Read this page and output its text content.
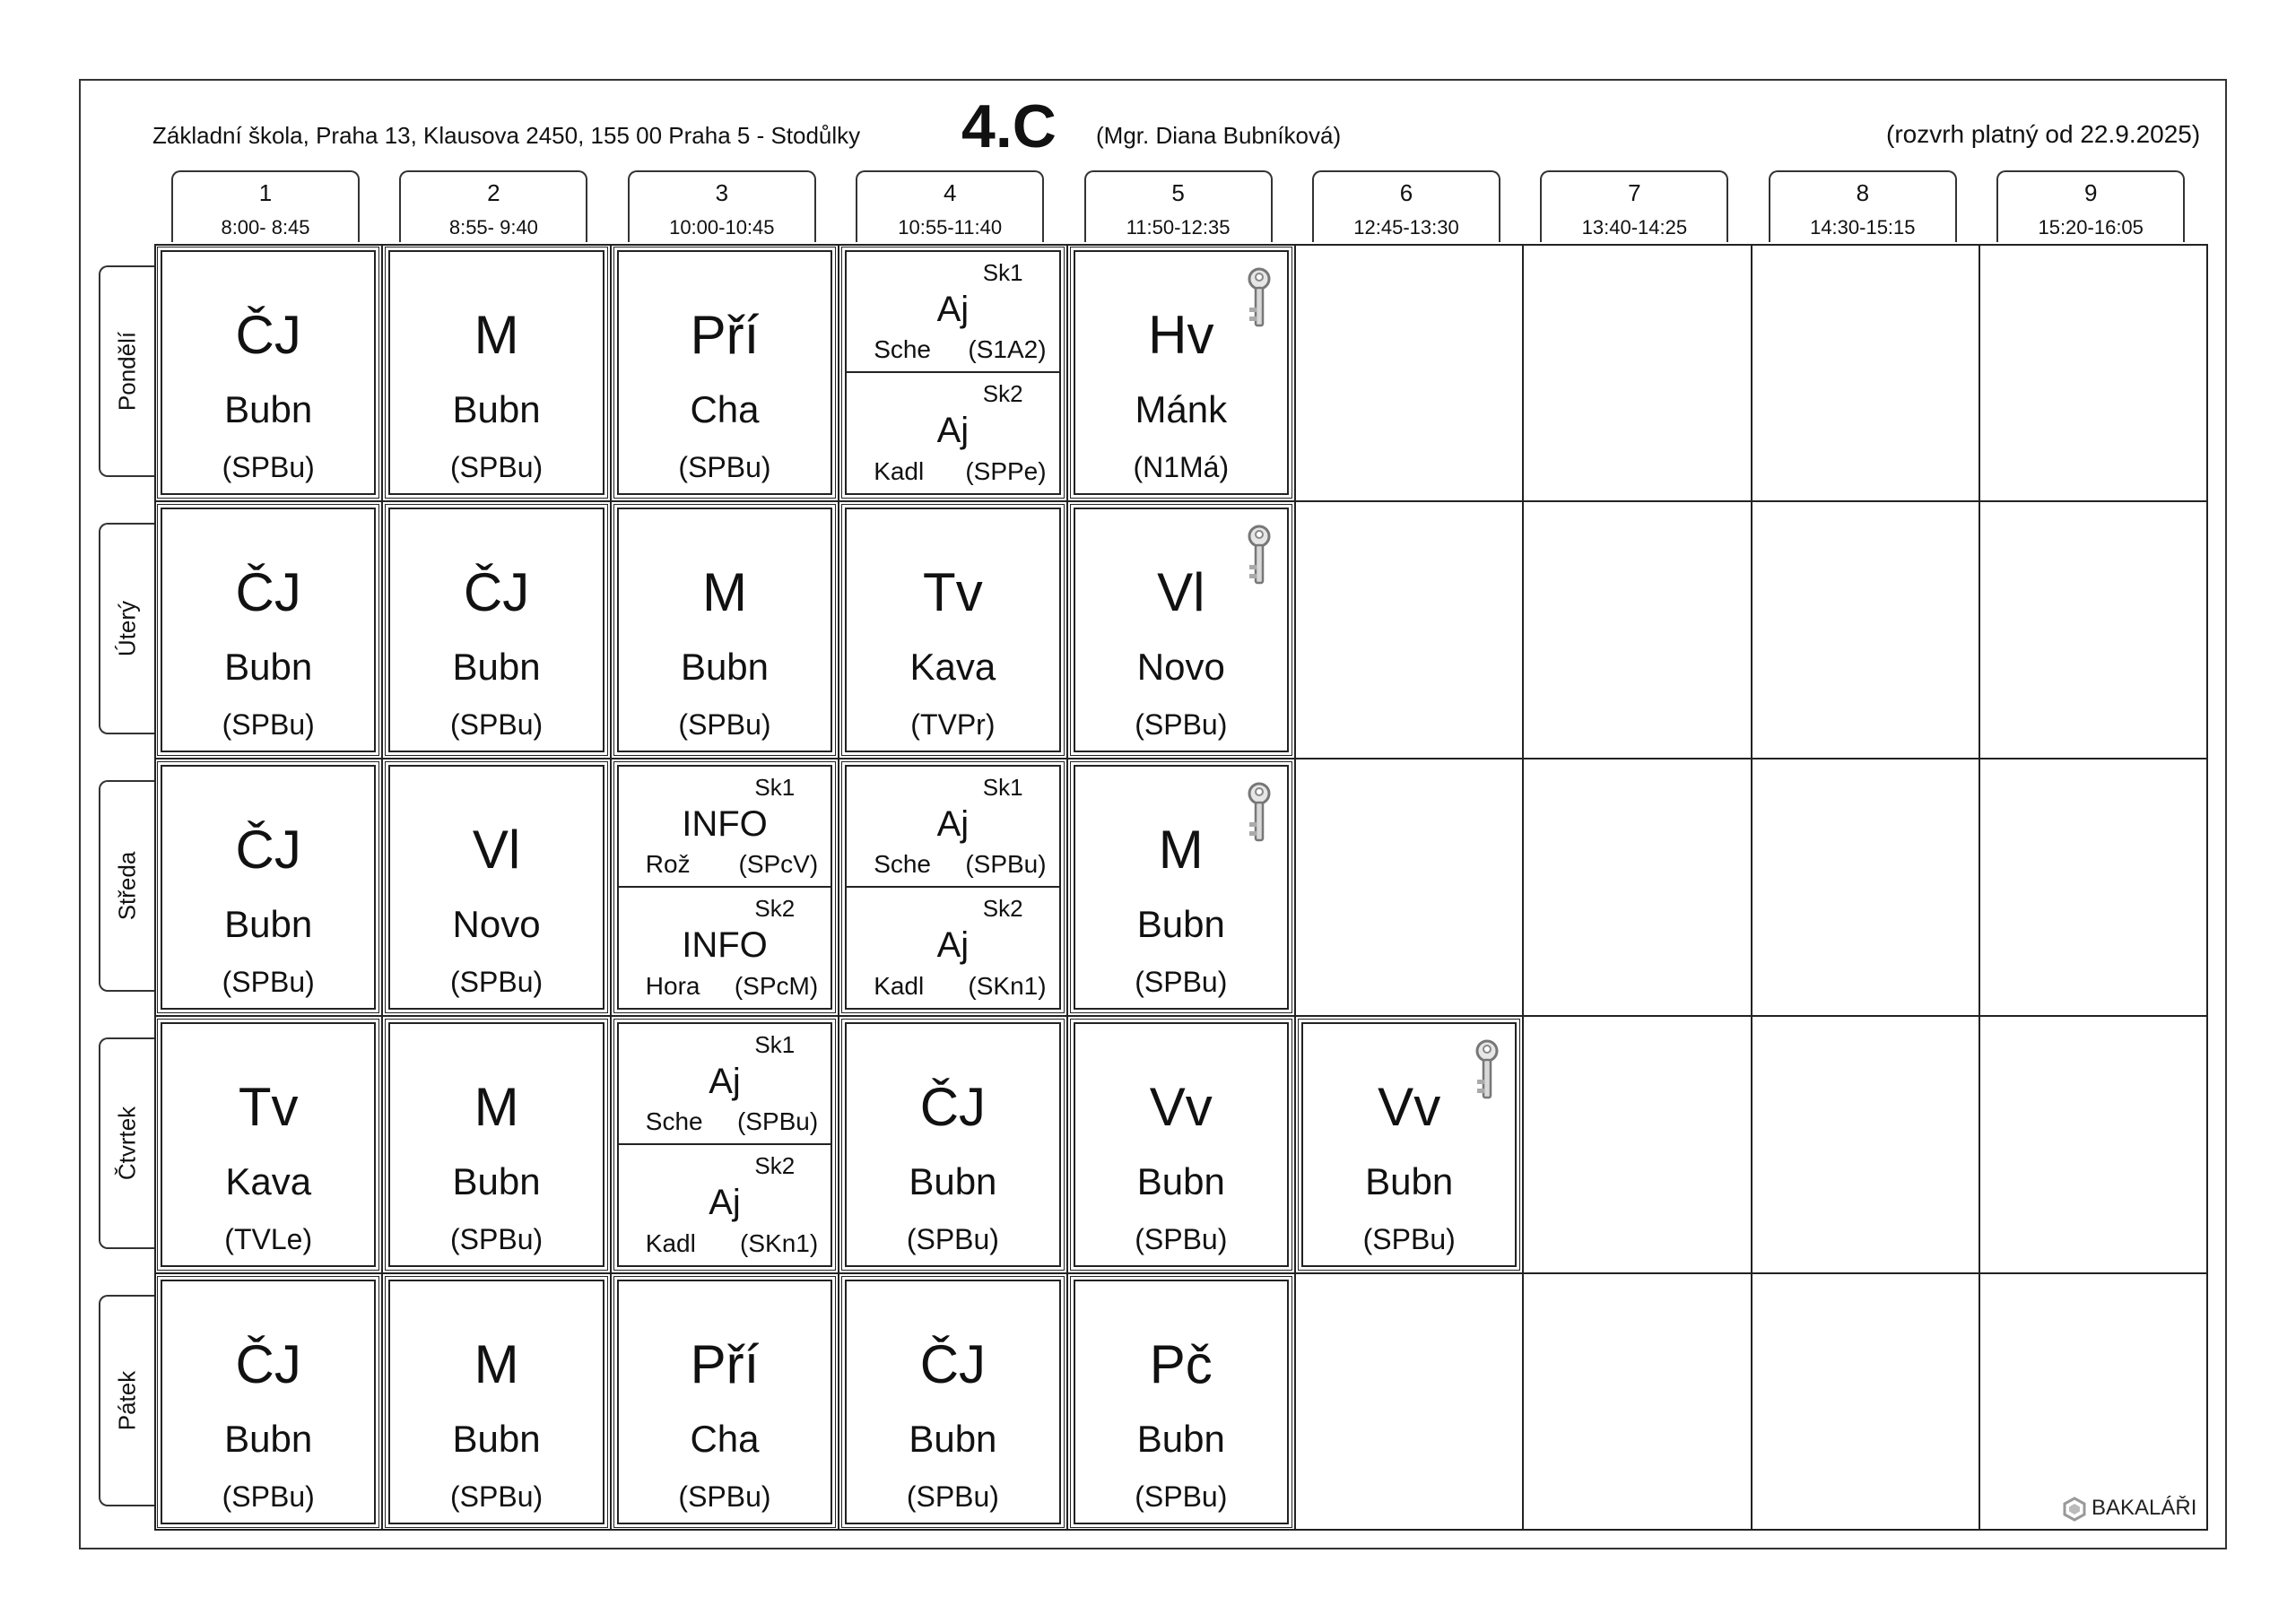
Základní škola, Praha 13, Klausova 2450, 155 00 Praha 5 - Stodůlky 4.C (Mgr. Diana Bubníková)	(rozvrh platný od 22.9.2025)
1
8:00- 8:45
2
8:55- 9:40
3
10:00-10:45
4
10:55-11:40
5
11:50-12:35
6
12:45-13:30
7
13:40-14:25
8
14:30-15:15
9
15:20-16:05
Pondělí
Úterý
Středa
Čtvrtek
Pátek
ČJ
Bubn
(SPBu)
M
Bubn
(SPBu)
Pří
Cha
(SPBu)
Sk1
Aj
Sche (S1A2)
Sk2
Aj
Kadl (SPPe)
Hv
Mánk
(N1Má)
ČJ
Bubn
(SPBu)
ČJ
Bubn
(SPBu)
M
Bubn
(SPBu)
Tv
Kava
(TVPr)
Vl
Novo
(SPBu)
ČJ
Bubn
(SPBu)
Vl
Novo
(SPBu)
Sk1
INFO
Rož (SPcV)
Sk2
INFO
Hora (SPcM)
Sk1
Aj
Sche (SPBu)
Sk2
Aj
Kadl (SKn1)
M
Bubn
(SPBu)
Tv
Kava
(TVLe)
M
Bubn
(SPBu)
Sk1
Aj
Sche (SPBu)
Sk2
Aj
Kadl (SKn1)
ČJ
Bubn
(SPBu)
Vv
Bubn
(SPBu)
Vv
Bubn
(SPBu)
ČJ
Bubn
(SPBu)
M
Bubn
(SPBu)
Pří
Cha
(SPBu)
ČJ
Bubn
(SPBu)
Pč
Bubn
(SPBu)	BAKALÁŘI
